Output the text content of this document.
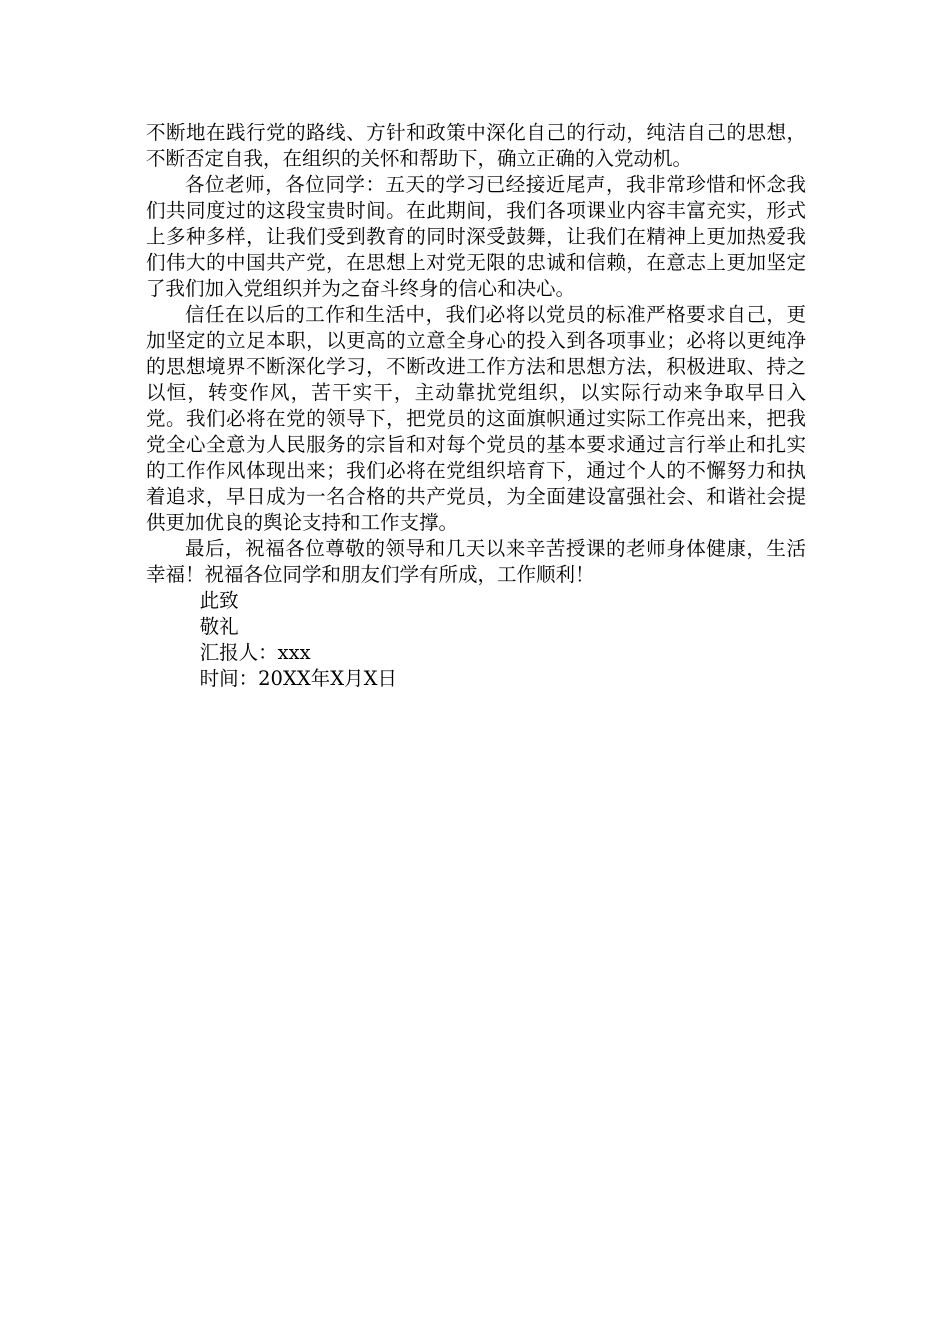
不断地在践行党的路线、方针和政策中深化自己的行动，纯洁自己的思想，不断否定自我，在组织的关怀和帮助下，确立正确的入党动机。

各位老师，各位同学：五天的学习已经接近尾声，我非常珍惜和怀念我们共同度过的这段宝贵时间。在此期间，我们各项课业内容丰富充实，形式上多种多样，让我们受到教育的同时深受鼓舞，让我们在精神上更加热爱我们伟大的中国共产党，在思想上对党无限的忠诚和信赖，在意志上更加坚定了我们加入党组织并为之奋斗终身的信心和决心。

信任在以后的工作和生活中，我们必将以党员的标准严格要求自己，更加坚定的立足本职，以更高的立意全身心的投入到各项事业；必将以更纯净的思想境界不断深化学习，不断改进工作方法和思想方法，积极进取、持之以恒，转变作风，苦干实干，主动靠扰党组织，以实际行动来争取早日入党。我们必将在党的领导下，把党员的这面旗帜通过实际工作亮出来，把我党全心全意为人民服务的宗旨和对每个党员的基本要求通过言行举止和扎实的工作作风体现出来；我们必将在党组织培育下，通过个人的不懈努力和执着追求，早日成为一名合格的共产党员，为全面建设富强社会、和谐社会提供更加优良的舆论支持和工作支撑。

最后，祝福各位尊敬的领导和几天以来辛苦授课的老师身体健康，生活幸福！祝福各位同学和朋友们学有所成，工作顺利！

此致

敬礼

汇报人：xxx

时间：20XX年X月X日
